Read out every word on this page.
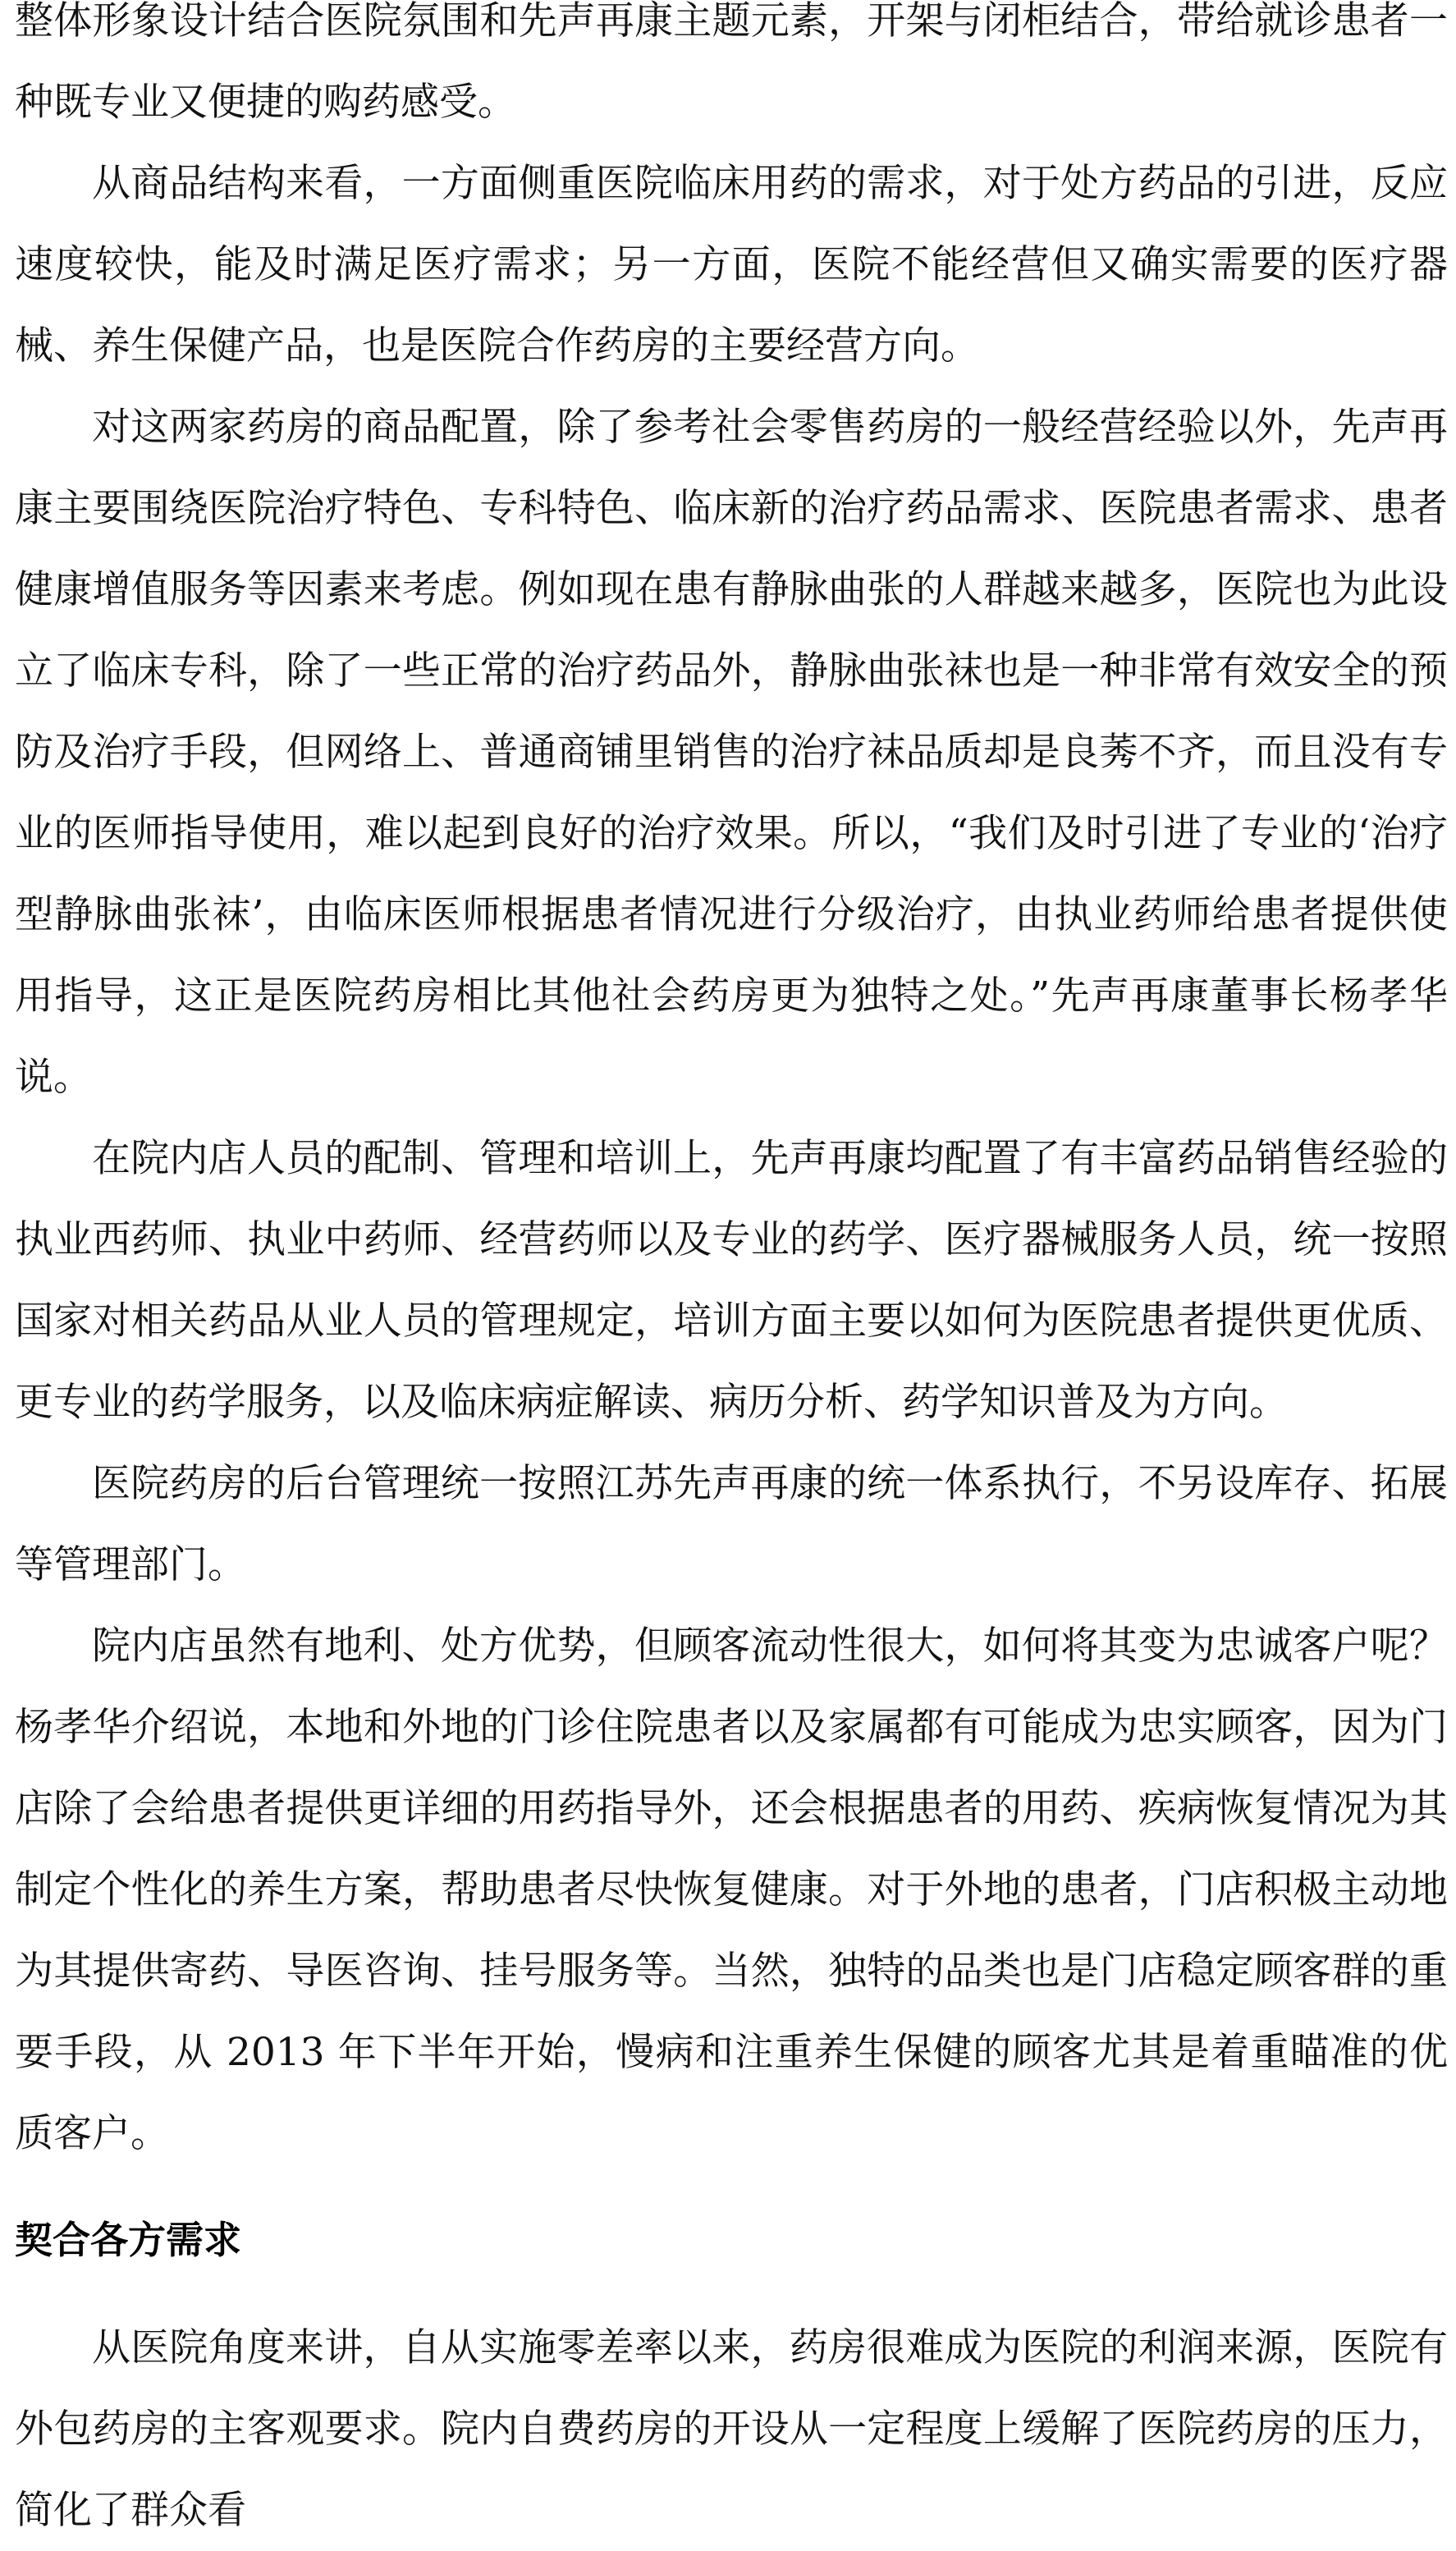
整体形象设计结合医院氛围和先声再康主题元素，开架与闭柜结合，带给就诊患者一种既专业又便捷的购药感受。

从商品结构来看，一方面侧重医院临床用药的需求，对于处方药品的引进，反应速度较快，能及时满足医疗需求；另一方面，医院不能经营但又确实需要的医疗器械、养生保健产品，也是医院合作药房的主要经营方向。

对这两家药房的商品配置，除了参考社会零售药房的一般经营经验以外，先声再康主要围绕医院治疗特色、专科特色、临床新的治疗药品需求、医院患者需求、患者健康增值服务等因素来考虑。例如现在患有静脉曲张的人群越来越多，医院也为此设立了临床专科，除了一些正常的治疗药品外，静脉曲张袜也是一种非常有效安全的预防及治疗手段，但网络上、普通商铺里销售的治疗袜品质却是良莠不齐，而且没有专业的医师指导使用，难以起到良好的治疗效果。所以，“我们及时引进了专业的‘治疗型静脉曲张袜’，由临床医师根据患者情况进行分级治疗，由执业药师给患者提供使用指导，这正是医院药房相比其他社会药房更为独特之处。”先声再康董事长杨孝华说。

在院内店人员的配制、管理和培训上，先声再康均配置了有丰富药品销售经验的执业西药师、执业中药师、经营药师以及专业的药学、医疗器械服务人员，统一按照国家对相关药品从业人员的管理规定，培训方面主要以如何为医院患者提供更优质、更专业的药学服务，以及临床病症解读、病历分析、药学知识普及为方向。

医院药房的后台管理统一按照江苏先声再康的统一体系执行，不另设库存、拓展等管理部门。

院内店虽然有地利、处方优势，但顾客流动性很大，如何将其变为忠诚客户呢？杨孝华介绍说，本地和外地的门诊住院患者以及家属都有可能成为忠实顾客，因为门店除了会给患者提供更详细的用药指导外，还会根据患者的用药、疾病恢复情况为其制定个性化的养生方案，帮助患者尽快恢复健康。对于外地的患者，门店积极主动地为其提供寄药、导医咨询、挂号服务等。当然，独特的品类也是门店稳定顾客群的重要手段，从 2013 年下半年开始，慢病和注重养生保健的顾客尤其是着重瞄准的优质客户。

契合各方需求

从医院角度来讲，自从实施零差率以来，药房很难成为医院的利润来源，医院有外包药房的主客观要求。院内自费药房的开设从一定程度上缓解了医院药房的压力，简化了群众看
